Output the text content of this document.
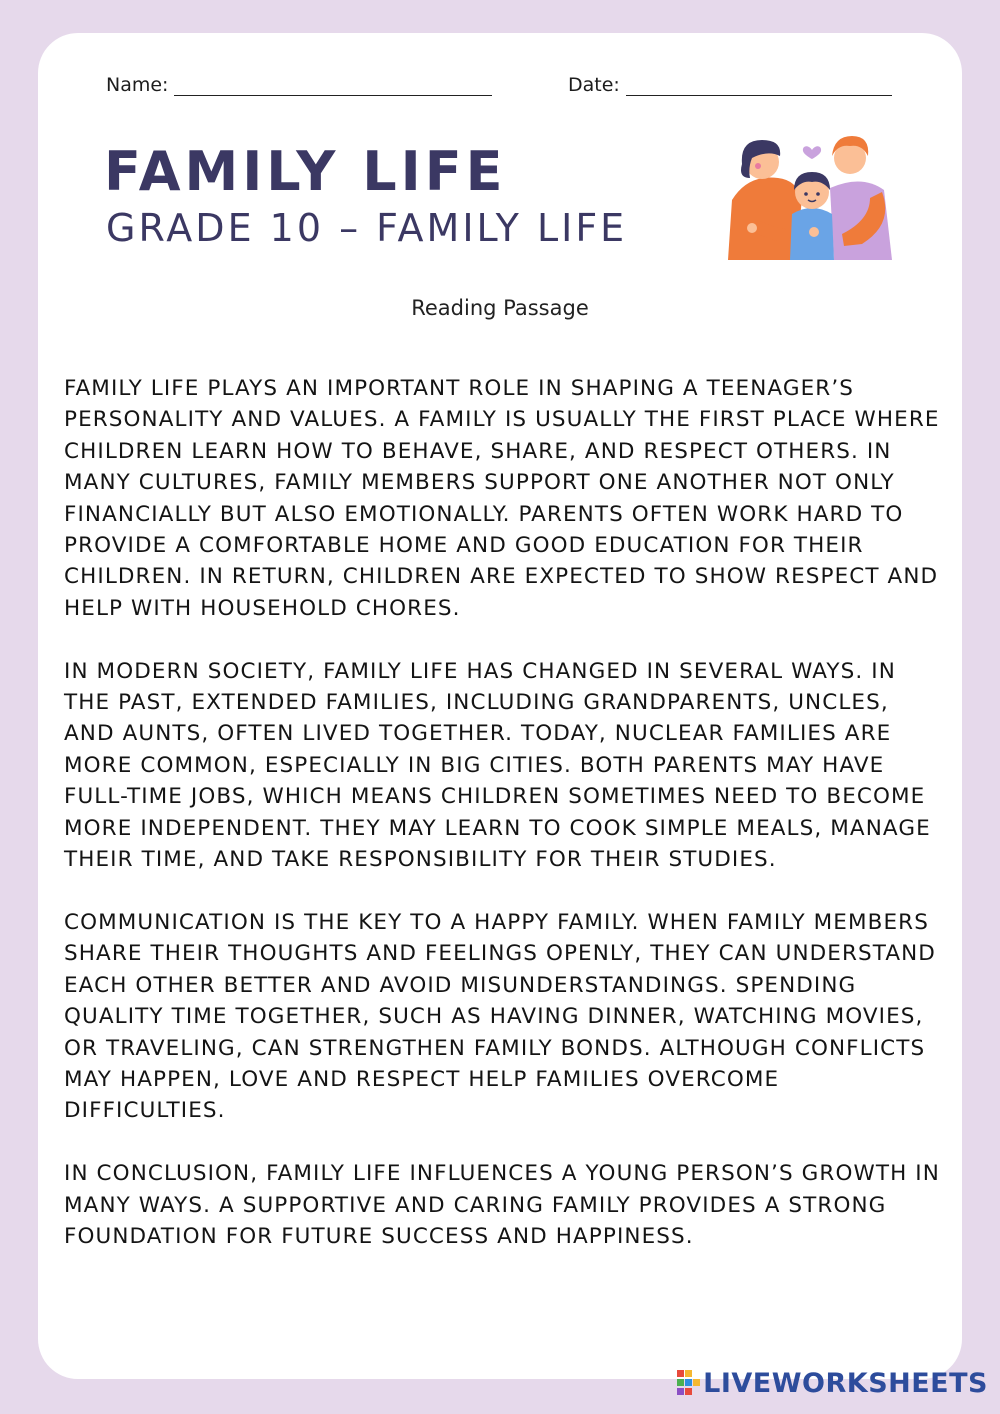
Name:	Date:
FAMILY LIFE
GRADE 10 – FAMILY LIFE
Reading Passage

FAMILY LIFE PLAYS AN IMPORTANT ROLE IN SHAPING A TEENAGER’S PERSONALITY AND VALUES. A FAMILY IS USUALLY THE FIRST PLACE WHERE CHILDREN LEARN HOW TO BEHAVE, SHARE, AND RESPECT OTHERS. IN MANY CULTURES, FAMILY MEMBERS SUPPORT ONE ANOTHER NOT ONLY FINANCIALLY BUT ALSO EMOTIONALLY. PARENTS OFTEN WORK HARD TO PROVIDE A COMFORTABLE HOME AND GOOD EDUCATION FOR THEIR CHILDREN. IN RETURN, CHILDREN ARE EXPECTED TO SHOW RESPECT AND HELP WITH HOUSEHOLD CHORES.

IN MODERN SOCIETY, FAMILY LIFE HAS CHANGED IN SEVERAL WAYS. IN THE PAST, EXTENDED FAMILIES, INCLUDING GRANDPARENTS, UNCLES, AND AUNTS, OFTEN LIVED TOGETHER. TODAY, NUCLEAR FAMILIES ARE MORE COMMON, ESPECIALLY IN BIG CITIES. BOTH PARENTS MAY HAVE FULL-TIME JOBS, WHICH MEANS CHILDREN SOMETIMES NEED TO BECOME MORE INDEPENDENT. THEY MAY LEARN TO COOK SIMPLE MEALS, MANAGE THEIR TIME, AND TAKE RESPONSIBILITY FOR THEIR STUDIES.

COMMUNICATION IS THE KEY TO A HAPPY FAMILY. WHEN FAMILY MEMBERS SHARE THEIR THOUGHTS AND FEELINGS OPENLY, THEY CAN UNDERSTAND EACH OTHER BETTER AND AVOID MISUNDERSTANDINGS. SPENDING QUALITY TIME TOGETHER, SUCH AS HAVING DINNER, WATCHING MOVIES, OR TRAVELING, CAN STRENGTHEN FAMILY BONDS. ALTHOUGH CONFLICTS MAY HAPPEN, LOVE AND RESPECT HELP FAMILIES OVERCOME DIFFICULTIES.

IN CONCLUSION, FAMILY LIFE INFLUENCES A YOUNG PERSON’S GROWTH IN MANY WAYS. A SUPPORTIVE AND CARING FAMILY PROVIDES A STRONG FOUNDATION FOR FUTURE SUCCESS AND HAPPINESS.

LIVEWORKSHEETS
